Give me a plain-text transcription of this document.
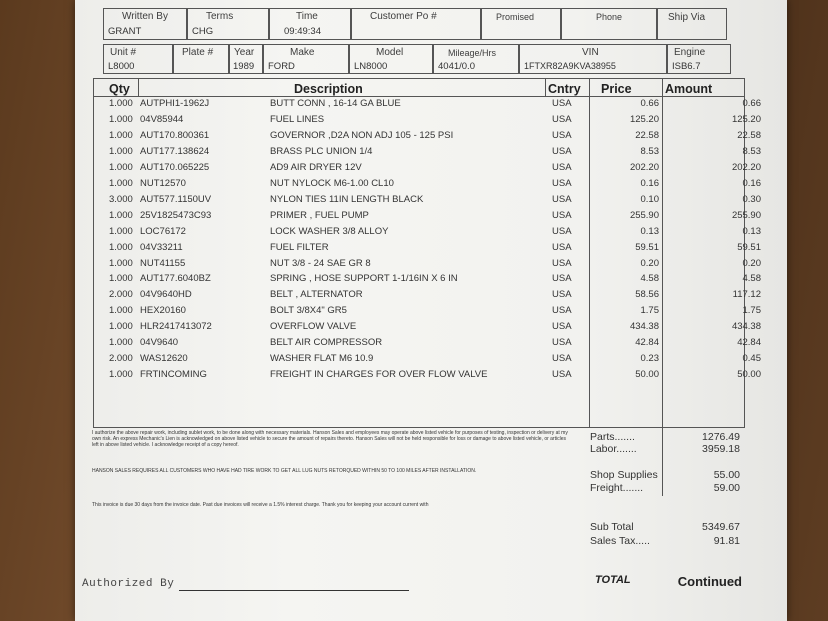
Written By
GRANT
Terms
CHG
Time
09:49:34
Customer Po #	Promised	Phone	Ship Via
Unit #
L8000
Plate # Year
1989
Make
FORD
Model
LN8000
Mileage/Hrs
4041/0.0
VIN
1FTXR82A9KVA38955
Engine
ISB6.7
Qty	Description	Cntry Price	Amount
1.000 AUTPHI1-1962J	BUTT CONN , 16-14 GA BLUE	USA	0.66	0.66
1.000 04V85944	FUEL LINES	USA	125.20	125.20
1.000 AUT170.800361	GOVERNOR ,D2A NON ADJ 105 - 125 PSI	USA	22.58	22.58
1.000 AUT177.138624	BRASS PLC UNION 1/4	USA	8.53	8.53
1.000 AUT170.065225	AD9 AIR DRYER 12V	USA	202.20	202.20
1.000 NUT12570	NUT NYLOCK M6-1.00 CL10	USA	0.16	0.16
3.000 AUT577.1150UV	NYLON TIES 11IN LENGTH BLACK	USA	0.10	0.30
1.000 25V1825473C93	PRIMER , FUEL PUMP	USA	255.90	255.90
1.000 LOC76172	LOCK WASHER 3/8 ALLOY	USA	0.13	0.13
1.000 04V33211	FUEL FILTER	USA	59.51	59.51
1.000 NUT41155	NUT 3/8 - 24 SAE GR 8	USA	0.20	0.20
1.000 AUT177.6040BZ	SPRING , HOSE SUPPORT 1-1/16IN X 6 IN	USA	4.58	4.58
2.000 04V9640HD	BELT , ALTERNATOR	USA	58.56	117.12
1.000 HEX20160	BOLT 3/8X4" GR5	USA	1.75	1.75
1.000 HLR2417413072	OVERFLOW VALVE	USA	434.38	434.38
1.000 04V9640	BELT AIR COMPRESSOR	USA	42.84	42.84
2.000 WAS12620	WASHER FLAT M6 10.9	USA	0.23	0.45
1.000 FRTINCOMING	FREIGHT IN CHARGES FOR OVER FLOW VALVE	USA	50.00	50.00
I authorize the above repair work, including sublet work, to be done along with necessary materials. Hanson Sales and employees may operate above listed vehicle for purposes of testing, inspection or delivery at my own risk. An express Mechanic's Lien is acknowledged on above listed vehicle to secure the amount of repairs thereto. Hanson Sales will not be held responsible for loss or damage to above listed vehicle, or articles left in above listed vehicle. I acknowledge receipt of a copy hereof.
HANSON SALES REQUIRES ALL CUSTOMERS WHO HAVE HAD TIRE WORK TO GET ALL LUG NUTS RETORQUED WITHIN 50 TO 100 MILES AFTER INSTALLATION.
This invoice is due 30 days from the invoice date. Past due invoices will receive a 1.5% interest charge. Thank you for keeping your account current with
Parts.......	1276.49
Labor.......	3959.18
Shop Supplies	55.00
Freight.......	59.00
Sub Total	5349.67
Sales Tax.....	91.81
TOTAL	Continued
Authorized By
